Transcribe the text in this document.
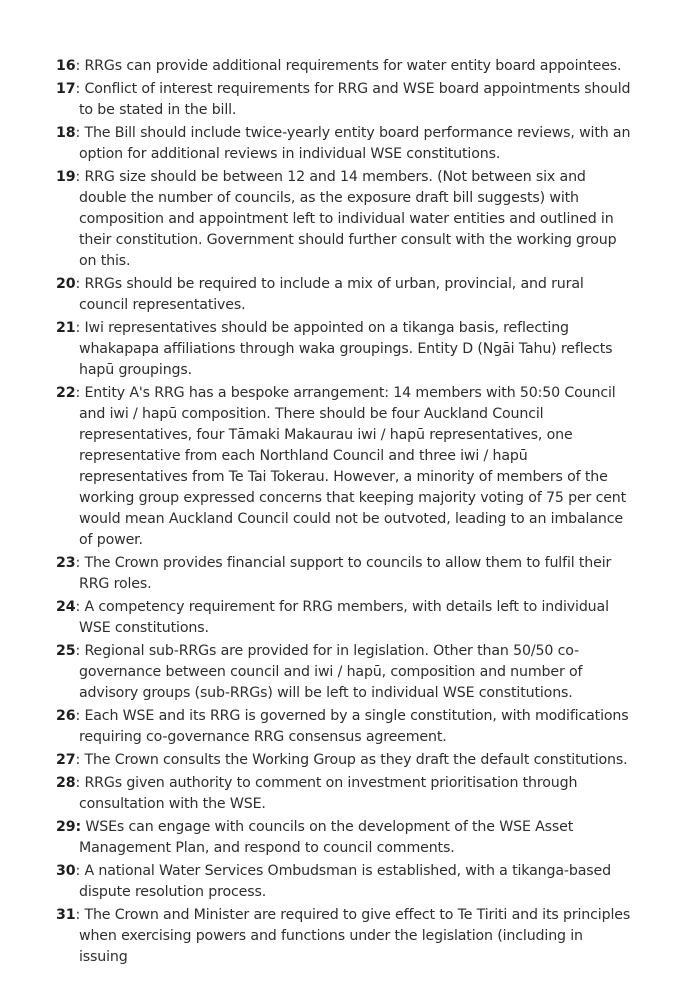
16: RRGs can provide additional requirements for water entity board appointees.

17: Conflict of interest requirements for RRG and WSE board appointments should to be stated in the bill.

18: The Bill should include twice-yearly entity board performance reviews, with an option for additional reviews in individual WSE constitutions.

19: RRG size should be between 12 and 14 members. (Not between six and double the number of councils, as the exposure draft bill suggests) with composition and appointment left to individual water entities and outlined in their constitution. Government should further consult with the working group on this.

20: RRGs should be required to include a mix of urban, provincial, and rural council representatives.

21: Iwi representatives should be appointed on a tikanga basis, reflecting whakapapa affiliations through waka groupings. Entity D (Ngāi Tahu) reflects hapū groupings.

22: Entity A's RRG has a bespoke arrangement: 14 members with 50:50 Council and iwi / hapū composition. There should be four Auckland Council representatives, four Tāmaki Makaurau iwi / hapū representatives, one representative from each Northland Council and three iwi / hapū representatives from Te Tai Tokerau. However, a minority of members of the working group expressed concerns that keeping majority voting of 75 per cent would mean Auckland Council could not be outvoted, leading to an imbalance of power.

23: The Crown provides financial support to councils to allow them to fulfil their RRG roles.

24: A competency requirement for RRG members, with details left to individual WSE constitutions.

25: Regional sub-RRGs are provided for in legislation. Other than 50/50 co-governance between council and iwi / hapū, composition and number of advisory groups (sub-RRGs) will be left to individual WSE constitutions.

26: Each WSE and its RRG is governed by a single constitution, with modifications requiring co-governance RRG consensus agreement.

27: The Crown consults the Working Group as they draft the default constitutions.

28: RRGs given authority to comment on investment prioritisation through consultation with the WSE.

29: WSEs can engage with councils on the development of the WSE Asset Management Plan, and respond to council comments.

30: A national Water Services Ombudsman is established, with a tikanga-based dispute resolution process.

31: The Crown and Minister are required to give effect to Te Tiriti and its principles when exercising powers and functions under the legislation (including in issuing
